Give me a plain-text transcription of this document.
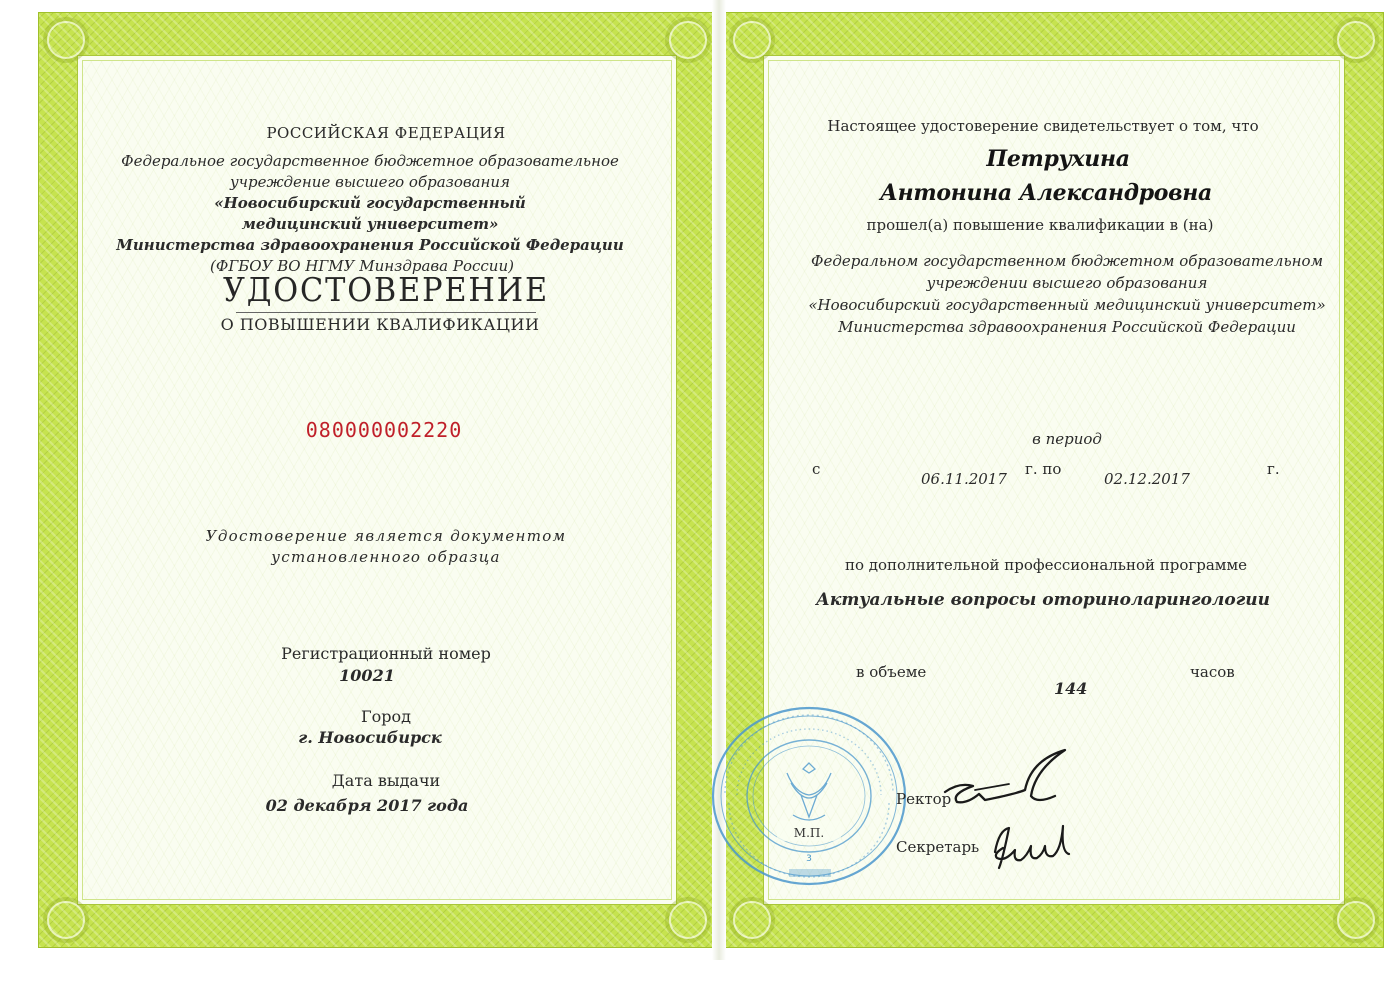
РОССИЙСКАЯ ФЕДЕРАЦИЯ
Федеральное государственное бюджетное образовательное
учреждение высшего образования
«Новосибирский государственный
медицинский университет»
Министерства здравоохранения Российской Федерации
(ФГБОУ ВО НГМУ Минздрава России)
УДОСТОВЕРЕНИЕ
О ПОВЫШЕНИИ КВАЛИФИКАЦИИ
080000002220
Удостоверение является документом
установленного образца
Регистрационный номер
10021
Город
г. Новосибирск
Дата выдачи
02 декабря 2017 года
Настоящее удостоверение свидетельствует о том, что
Петрухина
Антонина Александровна
прошел(а) повышение квалификации в (на)
Федеральном государственном бюджетном образовательном
учреждении высшего образования
«Новосибирский государственный медицинский университет»
Министерства здравоохранения Российской Федерации
в период
с
06.11.2017
г. по
02.12.2017
г.
по дополнительной профессиональной программе
Актуальные вопросы оториноларингологии
в объеме
144
часов
М.П.
3
Ректор
Секретарь
